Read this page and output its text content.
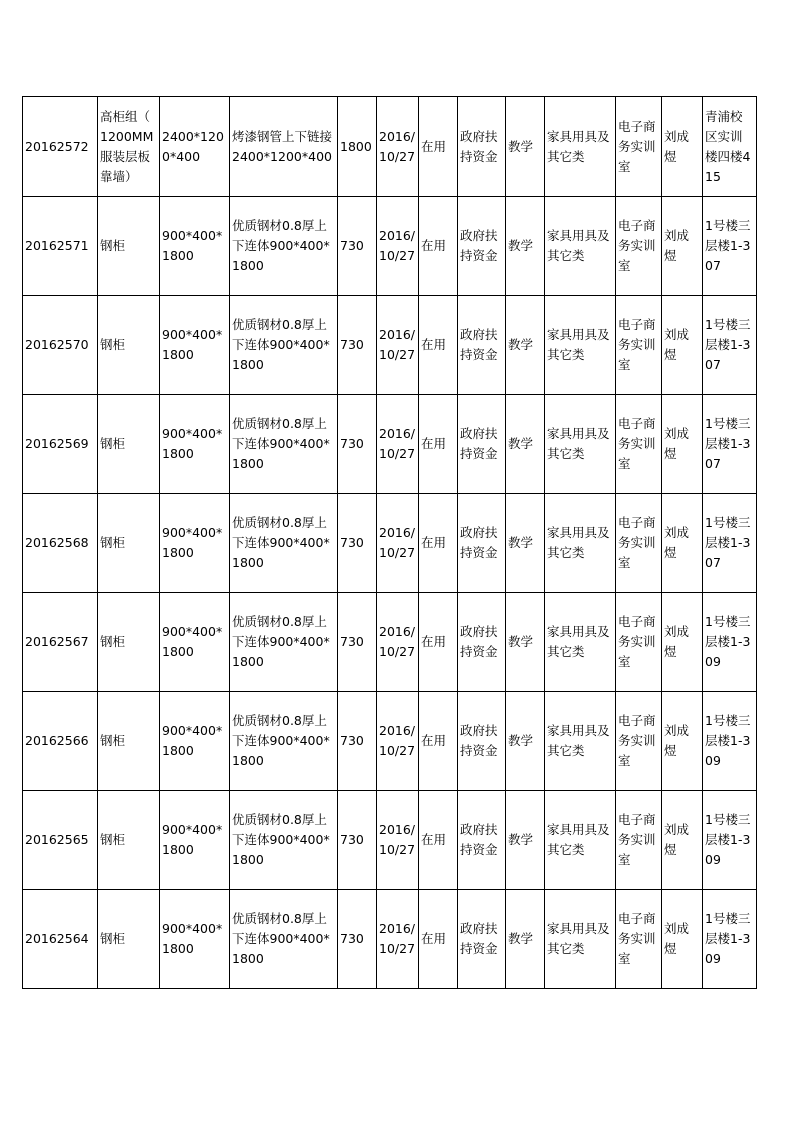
20162572	高柜组（ 1200MM服装层板靠墙）	2400*1200*400	烤漆钢管上下链接2400*1200*400	1800	2016/10/27	在用	政府扶持资金	教学	家具用具及其它类	电子商务实训室	刘成煜	青浦校区实训楼四楼415
20162571	钢柜	900*400*1800	优质钢材0.8厚上下连体900*400*1800	730	2016/10/27	在用	政府扶持资金	教学	家具用具及其它类	电子商务实训室	刘成煜	1号楼三层楼1-307
20162570	钢柜	900*400*1800	优质钢材0.8厚上下连体900*400*1800	730	2016/10/27	在用	政府扶持资金	教学	家具用具及其它类	电子商务实训室	刘成煜	1号楼三层楼1-307
20162569	钢柜	900*400*1800	优质钢材0.8厚上下连体900*400*1800	730	2016/10/27	在用	政府扶持资金	教学	家具用具及其它类	电子商务实训室	刘成煜	1号楼三层楼1-307
20162568	钢柜	900*400*1800	优质钢材0.8厚上下连体900*400*1800	730	2016/10/27	在用	政府扶持资金	教学	家具用具及其它类	电子商务实训室	刘成煜	1号楼三层楼1-307
20162567	钢柜	900*400*1800	优质钢材0.8厚上下连体900*400*1800	730	2016/10/27	在用	政府扶持资金	教学	家具用具及其它类	电子商务实训室	刘成煜	1号楼三层楼1-309
20162566	钢柜	900*400*1800	优质钢材0.8厚上下连体900*400*1800	730	2016/10/27	在用	政府扶持资金	教学	家具用具及其它类	电子商务实训室	刘成煜	1号楼三层楼1-309
20162565	钢柜	900*400*1800	优质钢材0.8厚上下连体900*400*1800	730	2016/10/27	在用	政府扶持资金	教学	家具用具及其它类	电子商务实训室	刘成煜	1号楼三层楼1-309
20162564	钢柜	900*400*1800	优质钢材0.8厚上下连体900*400*1800	730	2016/10/27	在用	政府扶持资金	教学	家具用具及其它类	电子商务实训室	刘成煜	1号楼三层楼1-309
